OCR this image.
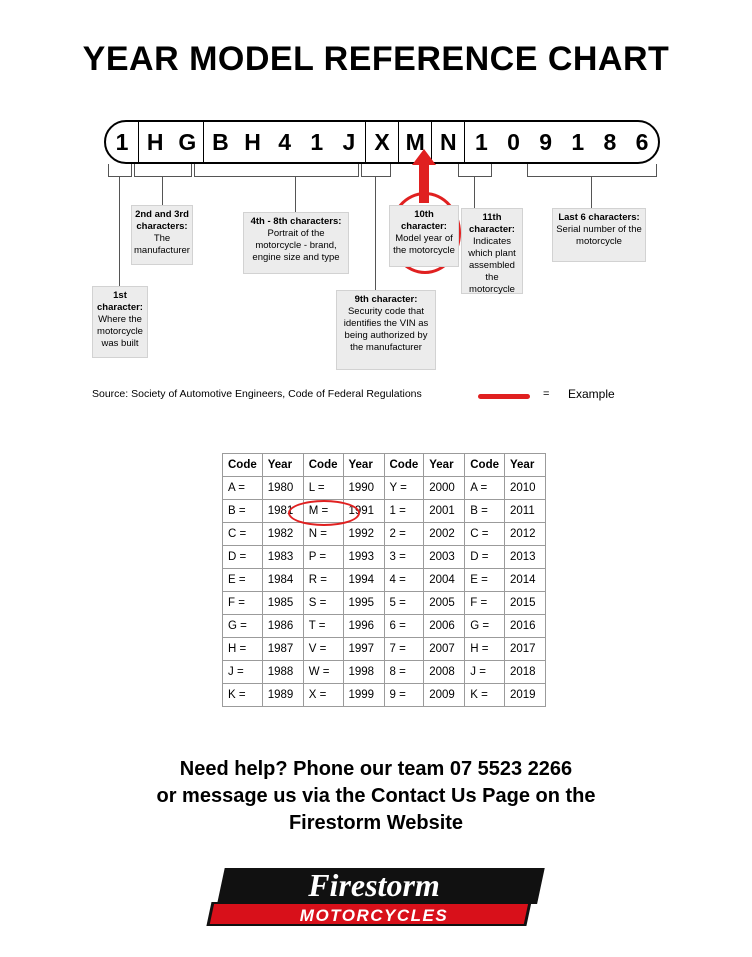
YEAR MODEL REFERENCE CHART
1 H G B H 4 1 J X M N 1 0 9 1 8 6
1st character:
Where the motorcycle was built
2nd and 3rd characters:
The manufacturer
4th - 8th characters:
Portrait of the motorcycle - brand, engine size and type
9th character:
Security code that identifies the VIN as being authorized by the manufacturer
10th character:
Model year of the motorcycle
11th character:
Indicates which plant assembled the motorcycle
Last 6 characters:
Serial number of the motorcycle
Source: Society of Automotive Engineers, Code of Federal Regulations	= Example
Code	Year	Code	Year	Code	Year	Code	Year
A =	1980	L =	1990	Y =	2000	A =	2010
B =	1981	M =	1991	1 =	2001	B =	2011
C =	1982	N =	1992	2 =	2002	C =	2012
D =	1983	P =	1993	3 =	2003	D =	2013
E =	1984	R =	1994	4 =	2004	E =	2014
F =	1985	S =	1995	5 =	2005	F =	2015
G =	1986	T =	1996	6 =	2006	G =	2016
H =	1987	V =	1997	7 =	2007	H =	2017
J =	1988	W =	1998	8 =	2008	J =	2018
K =	1989	X =	1999	9 =	2009	K =	2019
Need help? Phone our team 07 5523 2266
or message us via the Contact Us Page on the
Firestorm Website
Firestorm
MOTORCYCLES
